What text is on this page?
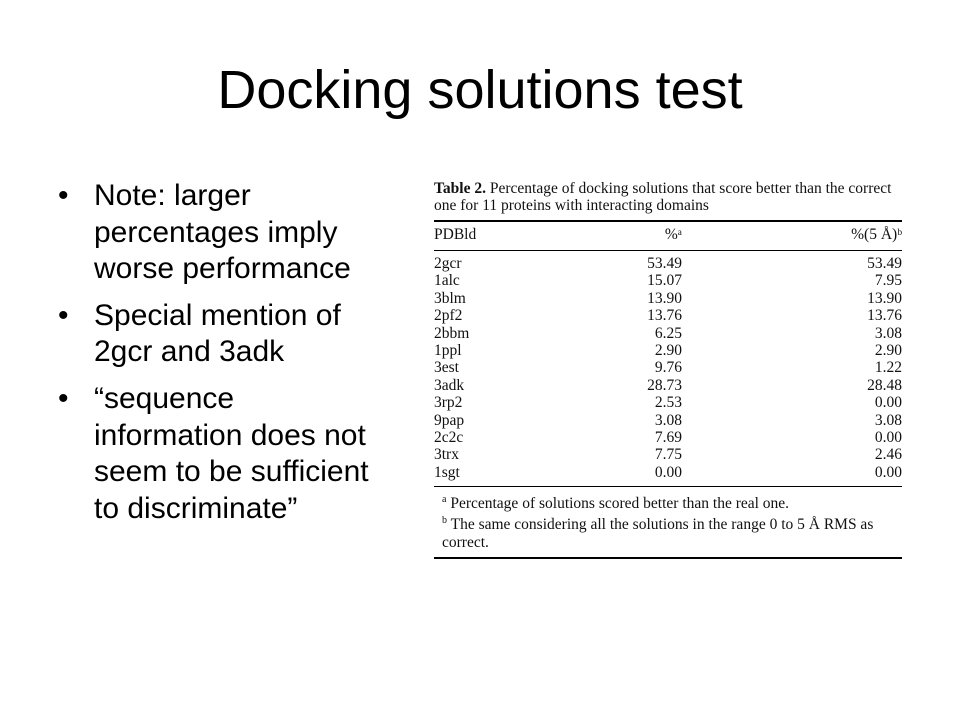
Docking solutions test
• Note: larger percentages imply worse performance
• Special mention of 2gcr and 3adk
• “sequence information does not seem to be sufficient to discriminate”

Table 2. Percentage of docking solutions that score better than the correct one for 11 proteins with interacting domains

PDBld	%ᵃ	%(5 Å)ᵇ

2gcr	53.49	53.49
1alc	15.07	7.95
3blm	13.90	13.90
2pf2	13.76	13.76
2bbm	6.25	3.08
1ppl	2.90	2.90
3est	9.76	1.22
3adk	28.73	28.48
3rp2	2.53	0.00
9pap	3.08	3.08
2c2c	7.69	0.00
3trx	7.75	2.46
1sgt	0.00	0.00
$^a$ Percentage of solutions scored better than the real one.
$^b$ The same considering all the solutions in the range 0 to 5 Å RMS as correct.
